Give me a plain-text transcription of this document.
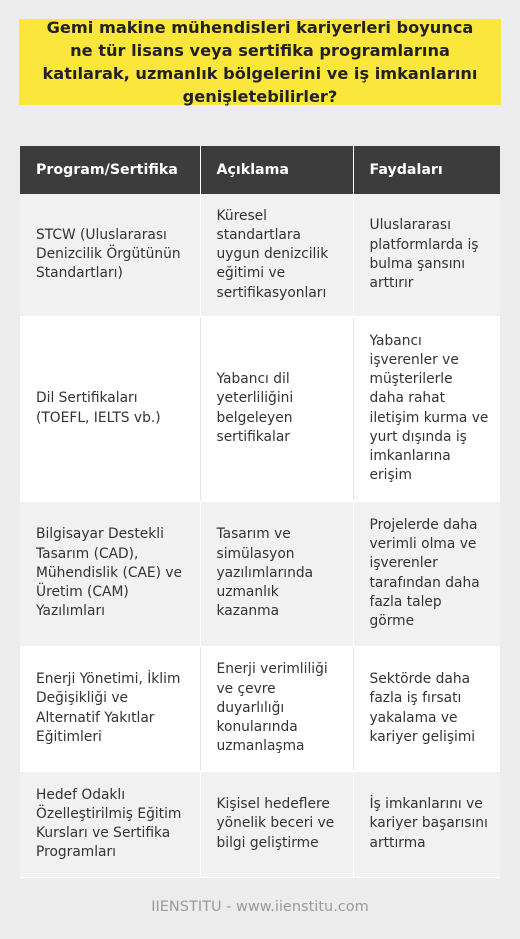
Gemi makine mühendisleri kariyerleri boyunca ne tür lisans veya sertifika programlarına katılarak, uzmanlık bölgelerini ve iş imkanlarını genişletebilirler?
Program/Sertifika	Açıklama	Faydaları
STCW (Uluslararası Denizcilik Örgütünün Standartları)	Küresel standartlara uygun denizcilik eğitimi ve sertifikasyonları	Uluslararası platformlarda iş bulma şansını arttırır
Dil Sertifikaları (TOEFL, IELTS vb.)	Yabancı dil yeterliliğini belgeleyen sertifikalar	Yabancı işverenler ve müşterilerle daha rahat iletişim kurma ve yurt dışında iş imkanlarına erişim
Bilgisayar Destekli Tasarım (CAD), Mühendislik (CAE) ve Üretim (CAM) Yazılımları	Tasarım ve simülasyon yazılımlarında uzmanlık kazanma	Projelerde daha verimli olma ve işverenler tarafından daha fazla talep görme
Enerji Yönetimi, İklim Değişikliği ve Alternatif Yakıtlar Eğitimleri	Enerji verimliliği ve çevre duyarlılığı konularında uzmanlaşma	Sektörde daha fazla iş fırsatı yakalama ve kariyer gelişimi
Hedef Odaklı Özelleştirilmiş Eğitim Kursları ve Sertifika Programları	Kişisel hedeflere yönelik beceri ve bilgi geliştirme	İş imkanlarını ve kariyer başarısını arttırma
IIENSTITU - www.iienstitu.com
